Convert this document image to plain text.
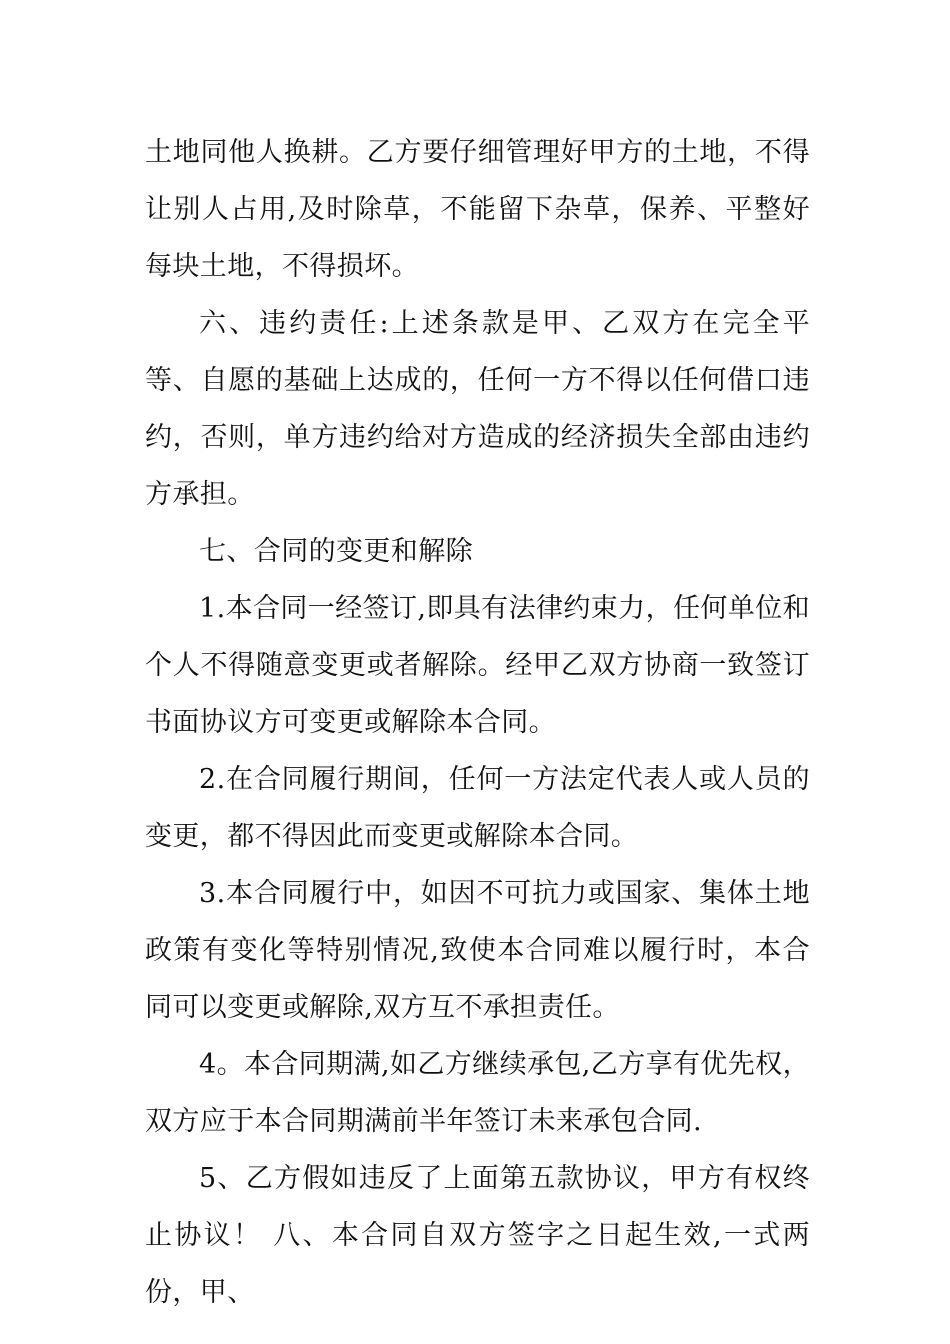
土地同他人换耕。乙方要仔细管理好甲方的土地，不得让别人占用,及时除草，不能留下杂草，保养、平整好每块土地，不得损坏。

六、违约责任:上述条款是甲、乙双方在完全平等、自愿的基础上达成的，任何一方不得以任何借口违约，否则，单方违约给对方造成的经济损失全部由违约方承担。

七、合同的变更和解除

1.本合同一经签订,即具有法律约束力，任何单位和个人不得随意变更或者解除。经甲乙双方协商一致签订书面协议方可变更或解除本合同。

2.在合同履行期间，任何一方法定代表人或人员的变更，都不得因此而变更或解除本合同。

3.本合同履行中，如因不可抗力或国家、集体土地政策有变化等特别情况,致使本合同难以履行时，本合同可以变更或解除,双方互不承担责任。

4。本合同期满,如乙方继续承包,乙方享有优先权，双方应于本合同期满前半年签订未来承包合同.

5、乙方假如违反了上面第五款协议，甲方有权终止协议！ 八、本合同自双方签字之日起生效,一式两份，甲、
